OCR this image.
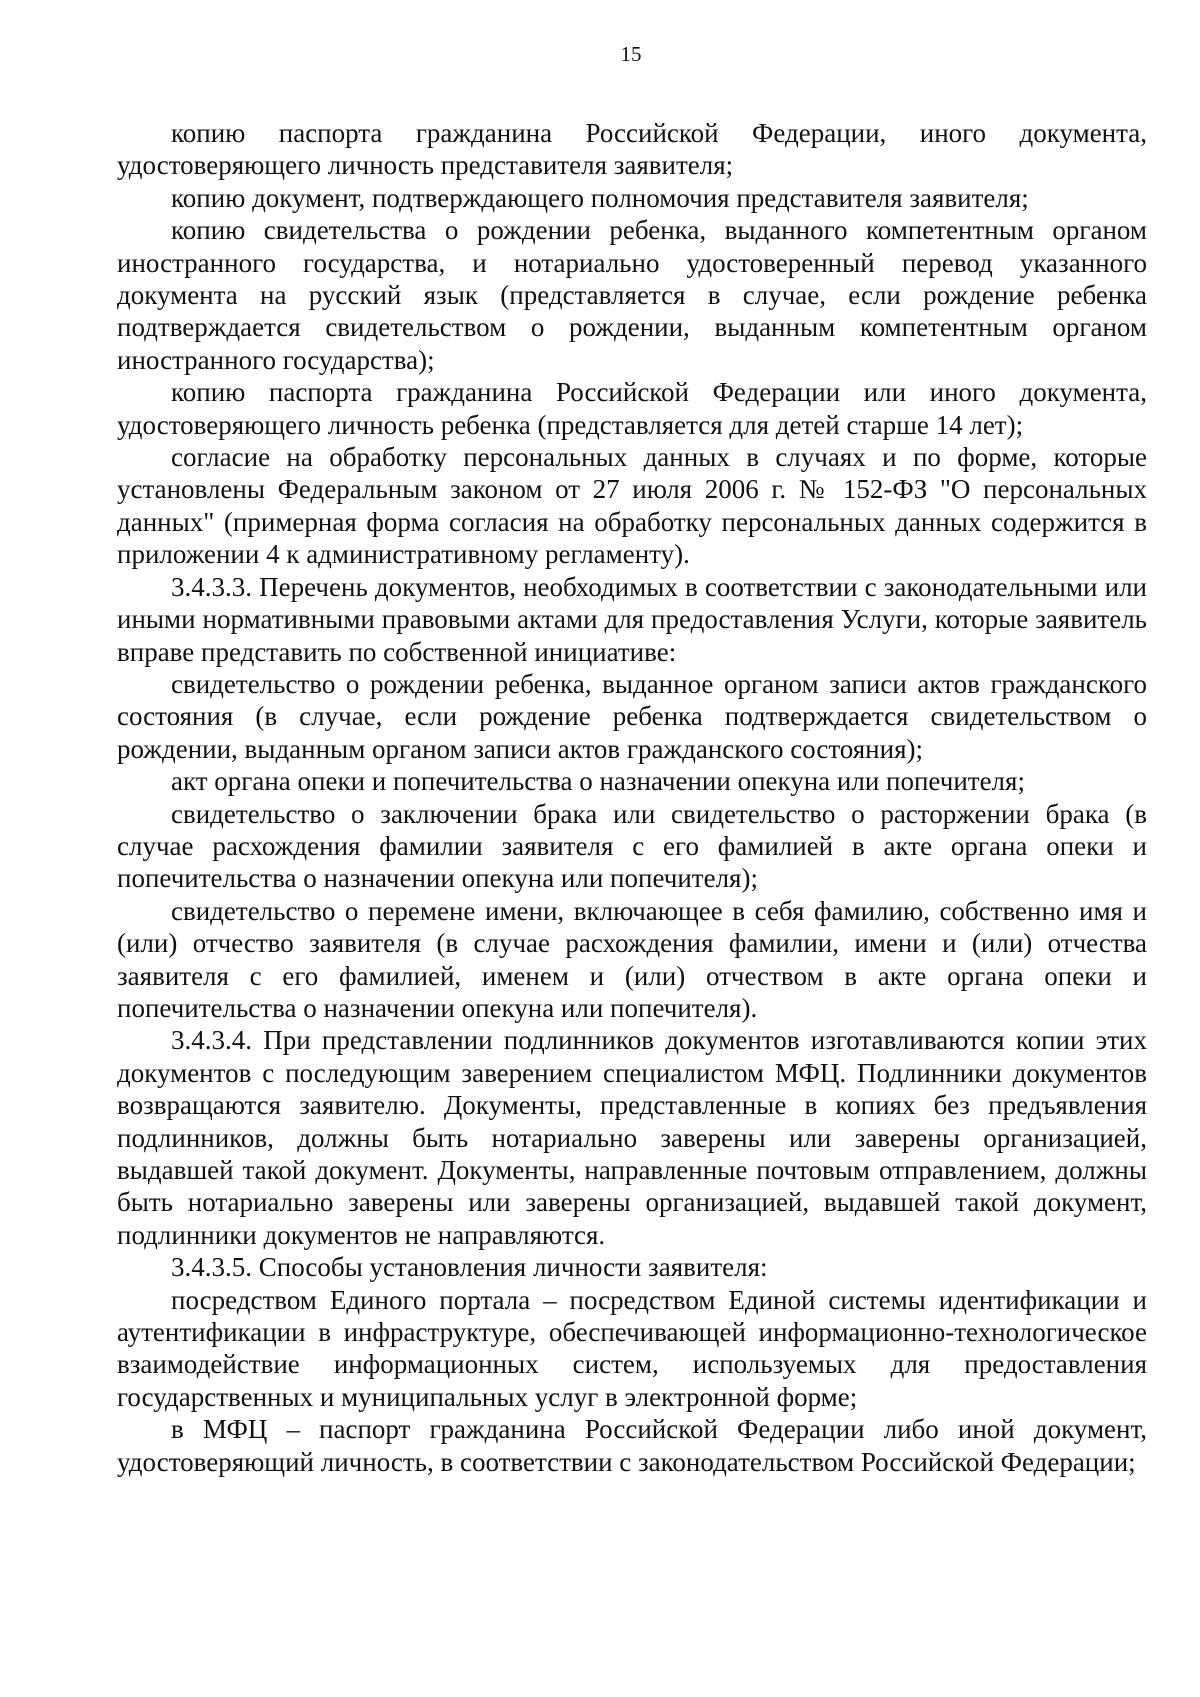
15

копию паспорта гражданина Российской Федерации, иного документа, удостоверяющего личность представителя заявителя;

копию документ, подтверждающего полномочия представителя заявителя;

копию свидетельства о рождении ребенка, выданного компетентным органом иностранного государства, и нотариально удостоверенный перевод указанного документа на русский язык (представляется в случае, если рождение ребенка подтверждается свидетельством о рождении, выданным компетентным органом иностранного государства);

копию паспорта гражданина Российской Федерации или иного документа, удостоверяющего личность ребенка (представляется для детей старше 14 лет);

согласие на обработку персональных данных в случаях и по форме, которые установлены Федеральным законом от 27 июля 2006 г. № 152-ФЗ "О персональных данных" (примерная форма согласия на обработку персональных данных содержится в приложении 4 к административному регламенту).

3.4.3.3. Перечень документов, необходимых в соответствии с законодательными или иными нормативными правовыми актами для предоставления Услуги, которые заявитель вправе представить по собственной инициативе:

свидетельство о рождении ребенка, выданное органом записи актов гражданского состояния (в случае, если рождение ребенка подтверждается свидетельством о рождении, выданным органом записи актов гражданского состояния);

акт органа опеки и попечительства о назначении опекуна или попечителя;

свидетельство о заключении брака или свидетельство о расторжении брака (в случае расхождения фамилии заявителя с его фамилией в акте органа опеки и попечительства о назначении опекуна или попечителя);

свидетельство о перемене имени, включающее в себя фамилию, собственно имя и (или) отчество заявителя (в случае расхождения фамилии, имени и (или) отчества заявителя с его фамилией, именем и (или) отчеством в акте органа опеки и попечительства о назначении опекуна или попечителя).

3.4.3.4. При представлении подлинников документов изготавливаются копии этих документов с последующим заверением специалистом МФЦ. Подлинники документов возвращаются заявителю. Документы, представленные в копиях без предъявления подлинников, должны быть нотариально заверены или заверены организацией, выдавшей такой документ. Документы, направленные почтовым отправлением, должны быть нотариально заверены или заверены организацией, выдавшей такой документ, подлинники документов не направляются.

3.4.3.5. Способы установления личности заявителя:

посредством Единого портала – посредством Единой системы идентификации и аутентификации в инфраструктуре, обеспечивающей информационно-технологическое взаимодействие информационных систем, используемых для предоставления государственных и муниципальных услуг в электронной форме;

в МФЦ – паспорт гражданина Российской Федерации либо иной документ, удостоверяющий личность, в соответствии с законодательством Российской Федерации;
